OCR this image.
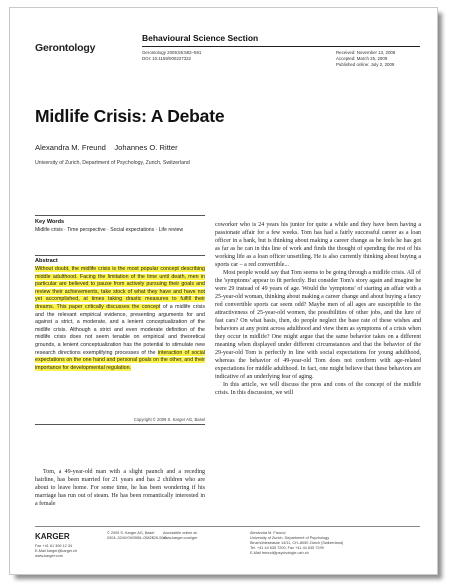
Gerontology
Behavioural Science Section
Gerontology 2009;55:582–591
DOI: 10.1159/000227322
Received: November 13, 2008
Accepted: March 25, 2009
Published online: July 2, 2009
Midlife Crisis: A Debate
Alexandra M. Freund    Johannes O. Ritter
University of Zurich, Department of Psychology, Zurich, Switzerland
Key Words
Midlife crisis · Time perspective · Social expectations · Life review
Abstract
Without doubt, the midlife crisis is the most popular concept describing middle adulthood. Facing the limitation of the time until death, men in particular are believed to pause from actively pursuing their goals and review their achievements, take stock of what they have and have not yet accomplished, at times taking drastic measures to fulfill their dreams. This paper critically discusses the concept of a midlife crisis and the relevant empirical evidence, presenting arguments for and against a strict, a moderate, and a lenient conceptualization of the midlife crisis. Although a strict and even moderate definition of the midlife crisis does not seem tenable on empirical and theoretical grounds, a lenient conceptualization has the potential to stimulate new research directions exemplifying processes of the interaction of social expectations on the one hand and personal goals on the other, and their importance for developmental regulation.
Copyright © 2009 S. Karger AG, Basel

Tom, a 49-year-old man with a slight paunch and a receding hairline, has been married for 21 years and has 2 children who are about to leave home. For some time, he has been wondering if his marriage has run out of steam. He has been romantically interested in a female

coworker who is 24 years his junior for quite a while and they have been having a passionate affair for a few weeks. Tom has had a fairly successful career as a loan officer in a bank, but is thinking about making a career change as he feels he has got as far as he can in this line of work and finds the thought of spending the rest of his working life as a loan officer unsettling. He is also currently thinking about buying a sports car – a red convertible...

Most people would say that Tom seems to be going through a midlife crisis. All of the 'symptoms' appear to fit perfectly. But consider Tom's story again and imagine he were 29 instead of 49 years of age. Would the 'symptoms' of starting an affair with a 25-year-old woman, thinking about making a career change and about buying a fancy red convertible sports car seem odd? Maybe men of all ages are susceptible to the attractiveness of 25-year-old women, the possibilities of other jobs, and the lure of fast cars? On what basis, then, do people neglect the base rate of these wishes and behaviors at any point across adulthood and view them as symptoms of a crisis when they occur in midlife? One might argue that the same behavior takes on a different meaning when displayed under different circumstances and that the behavior of the 29-year-old Tom is perfectly in line with social expectations for young adulthood, whereas the behavior of 49-year-old Tom does not conform with age-related expectations for middle adulthood. In fact, one might believe that these behaviors are indicative of an underlying fear of aging.

In this article, we will discuss the pros and cons of the concept of the midlife crisis. In this discussion, we will

KARGER
Fax +41 61 306 12 34
E-Mail karger@karger.ch
www.karger.com
© 2009 S. Karger AG, Basel
0304–324X/09/0556–0582$26.00/0
Accessible online at:
www.karger.com/ger
Alexandra M. Freund
University of Zurich, Department of Psychology
Binzmühlestrasse 14/11, CH–8050 Zürich (Switzerland)
Tel. +41 44 635 7200, Fax +41 44 635 7299
E-Mail freund@psychologie.uzh.ch
